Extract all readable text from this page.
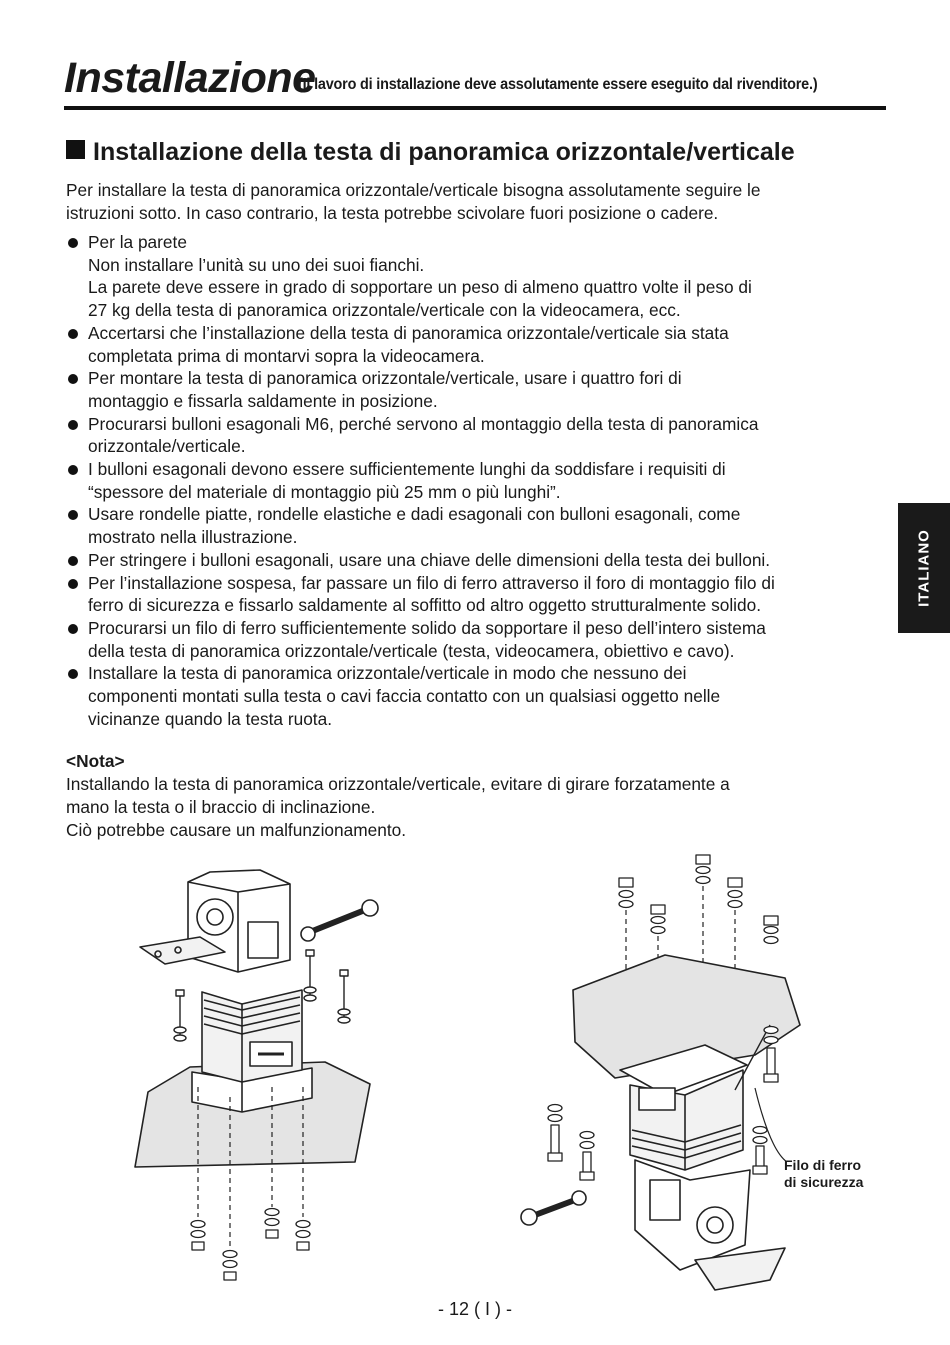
Installazione
(Il lavoro di installazione deve assolutamente essere eseguito dal rivenditore.)
Installazione della testa di panoramica orizzontale/verticale
Per installare la testa di panoramica orizzontale/verticale bisogna assolutamente seguire le
istruzioni sotto. In caso contrario, la testa potrebbe scivolare fuori posizione o cadere.
Per la parete
Non installare l’unità su uno dei suoi fianchi.
La parete deve essere in grado di sopportare un peso di almeno quattro volte il peso di
27 kg della testa di panoramica orizzontale/verticale con la videocamera, ecc.
Accertarsi che l’installazione della testa di panoramica orizzontale/verticale sia stata
completata prima di montarvi sopra la videocamera.
Per montare la testa di panoramica orizzontale/verticale, usare i quattro fori di
montaggio e fissarla saldamente in posizione.
Procurarsi bulloni esagonali M6, perché servono al montaggio della testa di panoramica
orizzontale/verticale.
I bulloni esagonali devono essere sufficientemente lunghi da soddisfare i requisiti di
“spessore del materiale di montaggio più 25 mm o più lunghi”.
Usare rondelle piatte, rondelle elastiche e dadi esagonali con bulloni esagonali, come
mostrato nella illustrazione.
Per stringere i bulloni esagonali, usare una chiave delle dimensioni della testa dei bulloni.
Per l’installazione sospesa, far passare un filo di ferro attraverso il foro di montaggio filo di
ferro di sicurezza e fissarlo saldamente al soffitto od altro oggetto strutturalmente solido.
Procurarsi un filo di ferro sufficientemente solido da sopportare il peso dell’intero sistema
della testa di panoramica orizzontale/verticale (testa, videocamera, obiettivo e cavo).
Installare la testa di panoramica orizzontale/verticale in modo che nessuno dei
componenti montati sulla testa o cavi faccia contatto con un qualsiasi oggetto nelle
vicinanze quando la testa ruota.
<Nota>
Installando la testa di panoramica orizzontale/verticale, evitare di girare forzatamente a
mano la testa o il braccio di inclinazione.
Ciò potrebbe causare un malfunzionamento.
ITALIANO
Filo di ferro
di sicurezza
- 12 ( I ) -
